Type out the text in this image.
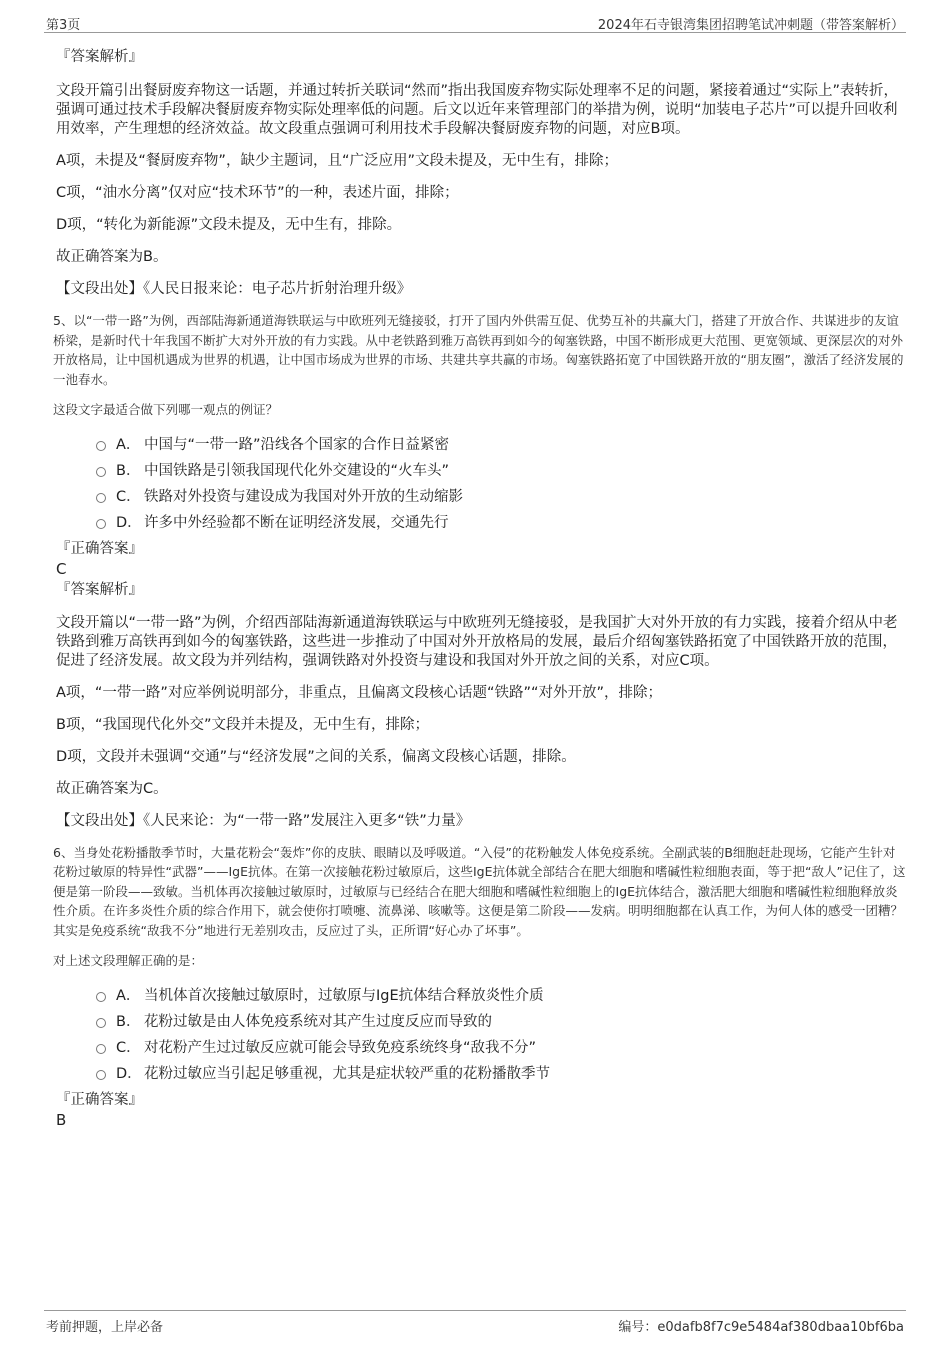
第3页	2024年石寺银湾集团招聘笔试冲刺题（带答案解析）

『答案解析』

文段开篇引出餐厨废弃物这一话题，并通过转折关联词“然而”指出我国废弃物实际处理率不足的问题，紧接着通过“实际上”表转折，强调可通过技术手段解决餐厨废弃物实际处理率低的问题。后文以近年来管理部门的举措为例，说明“加装电子芯片”可以提升回收利用效率，产生理想的经济效益。故文段重点强调可利用技术手段解决餐厨废弃物的问题，对应B项。

A项，未提及“餐厨废弃物”，缺少主题词，且“广泛应用”文段未提及，无中生有，排除；

C项，“油水分离”仅对应“技术环节”的一种，表述片面，排除；

D项，“转化为新能源”文段未提及，无中生有，排除。

故正确答案为B。

【文段出处】《人民日报来论：电子芯片折射治理升级》

5、以“一带一路”为例，西部陆海新通道海铁联运与中欧班列无缝接驳，打开了国内外供需互促、优势互补的共赢大门，搭建了开放合作、共谋进步的友谊桥梁，是新时代十年我国不断扩大对外开放的有力实践。从中老铁路到雅万高铁再到如今的匈塞铁路，中国不断形成更大范围、更宽领域、更深层次的对外开放格局，让中国机遇成为世界的机遇，让中国市场成为世界的市场、共建共享共赢的市场。匈塞铁路拓宽了中国铁路开放的“朋友圈”，激活了经济发展的一池春水。

这段文字最适合做下列哪一观点的例证？

A． 中国与“一带一路”沿线各个国家的合作日益紧密
B． 中国铁路是引领我国现代化外交建设的“火车头”
C． 铁路对外投资与建设成为我国对外开放的生动缩影
D． 许多中外经验都不断在证明经济发展，交通先行

『正确答案』

C

『答案解析』

文段开篇以“一带一路”为例，介绍西部陆海新通道海铁联运与中欧班列无缝接驳，是我国扩大对外开放的有力实践，接着介绍从中老铁路到雅万高铁再到如今的匈塞铁路，这些进一步推动了中国对外开放格局的发展，最后介绍匈塞铁路拓宽了中国铁路开放的范围，促进了经济发展。故文段为并列结构，强调铁路对外投资与建设和我国对外开放之间的关系，对应C项。

A项，“一带一路”对应举例说明部分，非重点，且偏离文段核心话题“铁路”“对外开放”，排除；

B项，“我国现代化外交”文段并未提及，无中生有，排除；

D项，文段并未强调“交通”与“经济发展”之间的关系，偏离文段核心话题，排除。

故正确答案为C。

【文段出处】《人民来论：为“一带一路”发展注入更多“铁”力量》

6、当身处花粉播散季节时，大量花粉会“轰炸”你的皮肤、眼睛以及呼吸道。“入侵”的花粉触发人体免疫系统。全副武装的B细胞赶赴现场，它能产生针对花粉过敏原的特异性“武器”——IgE抗体。在第一次接触花粉过敏原后，这些IgE抗体就全部结合在肥大细胞和嗜碱性粒细胞表面，等于把“敌人”记住了，这便是第一阶段——致敏。当机体再次接触过敏原时，过敏原与已经结合在肥大细胞和嗜碱性粒细胞上的IgE抗体结合，激活肥大细胞和嗜碱性粒细胞释放炎性介质。在许多炎性介质的综合作用下，就会使你打喷嚏、流鼻涕、咳嗽等。这便是第二阶段——发病。明明细胞都在认真工作，为何人体的感受一团糟？其实是免疫系统“敌我不分”地进行无差别攻击，反应过了头，正所谓“好心办了坏事”。

对上述文段理解正确的是：

A． 当机体首次接触过敏原时，过敏原与IgE抗体结合释放炎性介质
B． 花粉过敏是由人体免疫系统对其产生过度反应而导致的
C． 对花粉产生过过敏反应就可能会导致免疫系统终身“敌我不分”
D． 花粉过敏应当引起足够重视，尤其是症状较严重的花粉播散季节

『正确答案』

B

考前押题，上岸必备	编号：e0dafb8f7c9e5484af380dbaa10bf6ba
